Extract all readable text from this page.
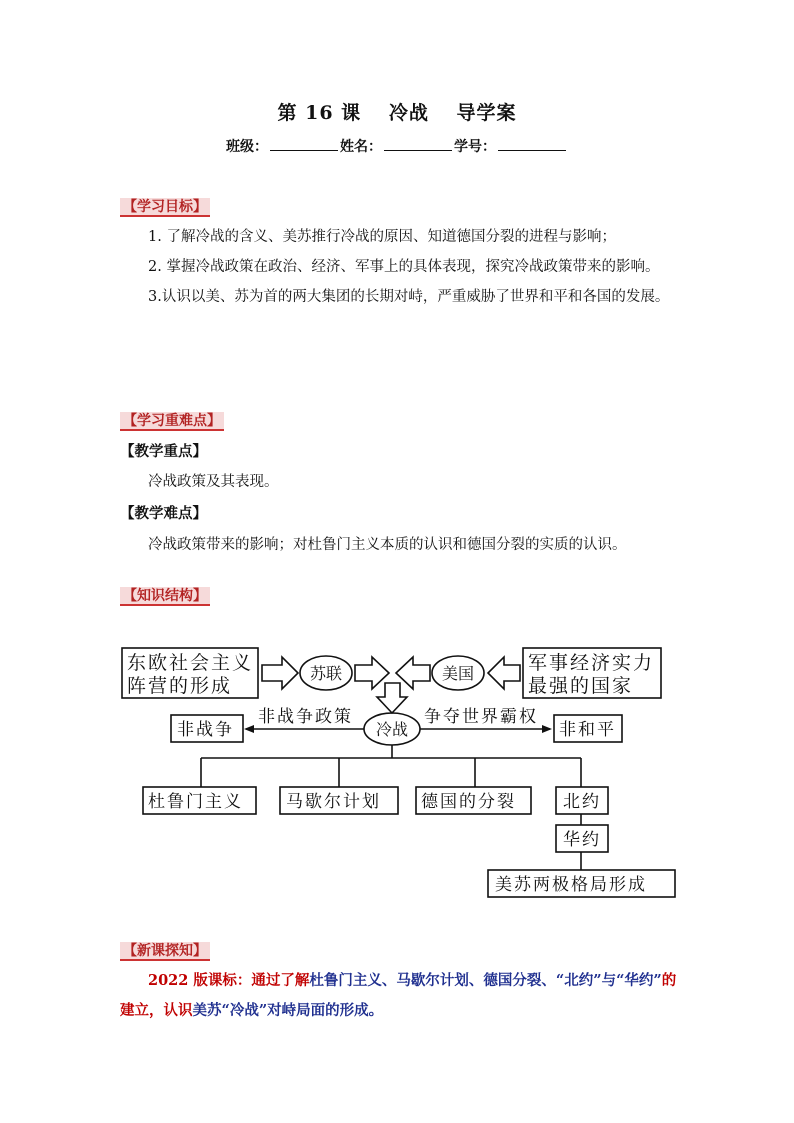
第 16 课 冷战 导学案
班级：	姓名：	学号：
【学习目标】
1. 了解冷战的含义、美苏推行冷战的原因、知道德国分裂的进程与影响；
2. 掌握冷战政策在政治、经济、军事上的具体表现，探究冷战政策带来的影响。
3.认识以美、苏为首的两大集团的长期对峙，严重威胁了世界和平和各国的发展。
【学习重难点】
【教学重点】
冷战政策及其表现。
【教学难点】
冷战政策带来的影响；对杜鲁门主义本质的认识和德国分裂的实质的认识。
【知识结构】
东欧社会主义
阵营的形成
军事经济实力
最强的国家
苏联	美国
冷战
非战争政策	争夺世界霸权
非战争	非和平
杜鲁门主义	马歇尔计划 德国的分裂	北约
华约
美苏两极格局形成
【新课探知】
2022 版课标：通过了解杜鲁门主义、马歇尔计划、德国分裂、“北约”与“华约”的建立，认识美苏“冷战”对峙局面的形成。
